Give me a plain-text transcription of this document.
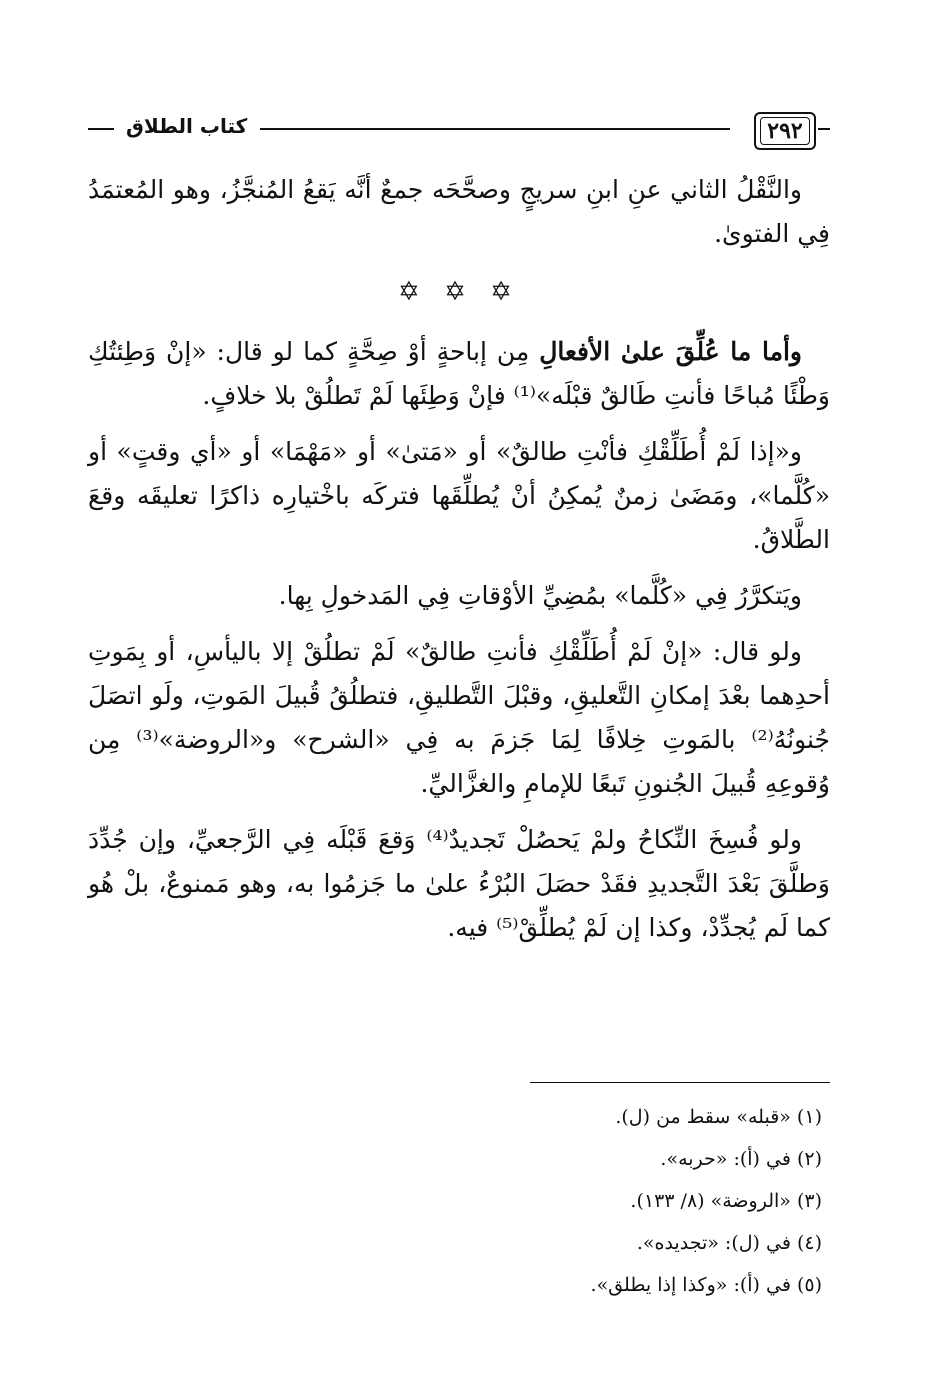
كتاب الطلاق	٢٩٢

والنَّقْلُ الثاني عنِ ابنِ سريجٍ وصحَّحَه جمعٌ أنَّه يَقعُ المُنجَّزُ، وهو المُعتمَدُ فِي الفتوىٰ.

✡ ✡ ✡

وأما ما عُلِّقَ علىٰ الأفعالِ مِن إباحةٍ أوْ صِحَّةٍ كما لو قال: «إنْ وَطِئتُكِ وَطْئًا مُباحًا فأنتِ طَالقٌ قبْلَه»⁽¹⁾ فإنْ وَطِئَها لَمْ تَطلُقْ بلا خلافٍ.

و«إذا لَمْ أُطَلِّقْكِ فأنْتِ طالقٌ» أو «مَتىٰ» أو «مَهْمَا» أو «أي وقتٍ» أو «كُلَّما»، ومَضَىٰ زمنٌ يُمكِنُ أنْ يُطلِّقَها فتركَه باخْتيارِه ذاكرًا تعليقَه وقعَ الطَّلاقُ.

ويَتكرَّرُ فِي «كُلَّما» بمُضِيِّ الأوْقاتِ فِي المَدخولِ بِها.

ولو قال: «إنْ لَمْ أُطَلِّقْكِ فأنتِ طالقٌ» لَمْ تطلُقْ إلا باليأسِ، أو بِمَوتِ أحدِهما بعْدَ إمكانِ التَّعليقِ، وقبْلَ التَّطليقِ، فتطلُقُ قُبيلَ المَوتِ، ولَو اتصَلَ جُنونُهُ⁽²⁾ بالمَوتِ خِلافًا لِمَا جَزمَ به فِي «الشرح» و«الروضة»⁽³⁾ مِن وُقوعِهِ قُبيلَ الجُنونِ تَبعًا للإمامِ والغزَّاليِّ.

ولو فُسِخَ النِّكاحُ ولمْ يَحصُلْ تَجديدٌ⁽⁴⁾ وَقعَ قَبْلَه فِي الرَّجعيِّ، وإن جُدِّدَ وَطلَّقَ بَعْدَ التَّجديدِ فقَدْ حصَلَ البُرْءُ علىٰ ما جَزمُوا به، وهو مَمنوعٌ، بلْ هُو كما لَم يُجدِّدْ، وكذا إن لَمْ يُطلِّقْ⁽⁵⁾ فيه.

(١) «قبله» سقط من (ل).
(٢) في (أ): «حربه».
(٣) «الروضة» (٨/ ١٣٣).
(٤) في (ل): «تجديده».
(٥) في (أ): «وكذا إذا يطلق».
